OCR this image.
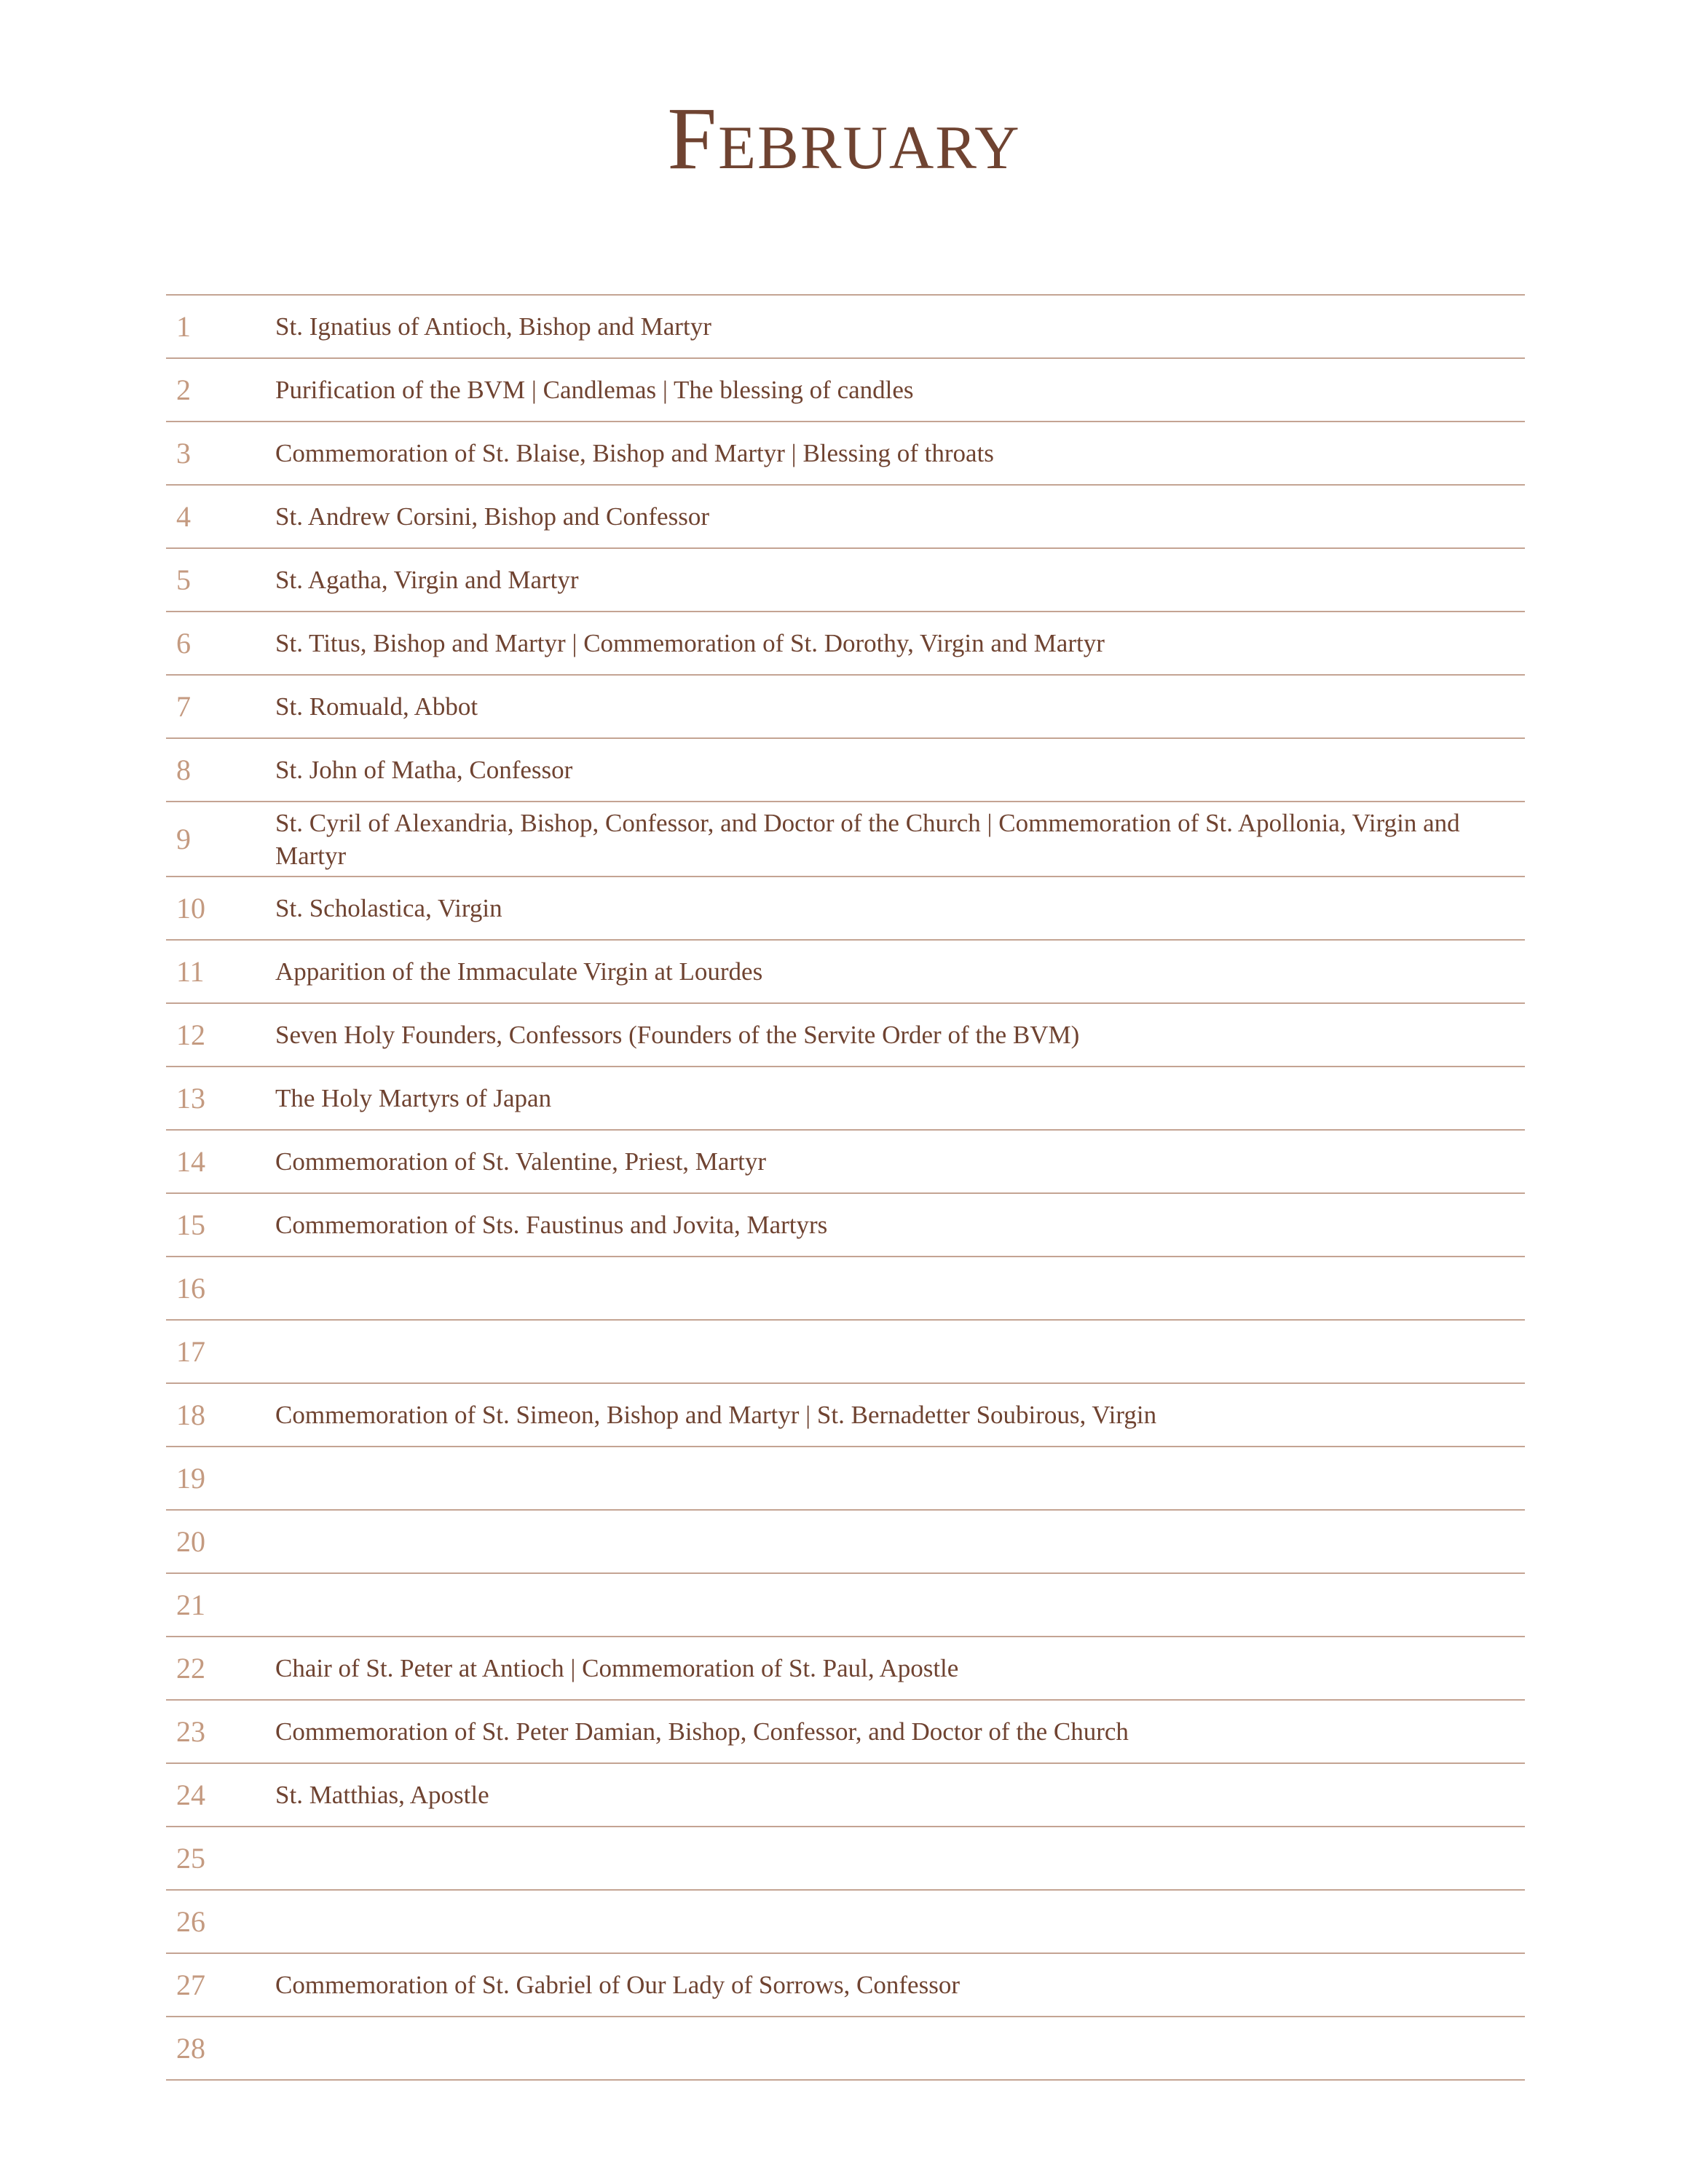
February
1	St. Ignatius of Antioch, Bishop and Martyr
2	Purification of the BVM | Candlemas | The blessing of candles
3	Commemoration of St. Blaise, Bishop and Martyr | Blessing of throats
4	St. Andrew Corsini, Bishop and Confessor
5	St. Agatha, Virgin and Martyr
6	St. Titus, Bishop and Martyr | Commemoration of St. Dorothy, Virgin and Martyr
7	St. Romuald, Abbot
8	St. John of Matha, Confessor
9	St. Cyril of Alexandria, Bishop, Confessor, and Doctor of the Church | Commemoration of St. Apollonia, Virgin and Martyr
10	St. Scholastica, Virgin
11	Apparition of the Immaculate Virgin at Lourdes
12	Seven Holy Founders, Confessors (Founders of the Servite Order of the BVM)
13	The Holy Martyrs of Japan
14	Commemoration of St. Valentine, Priest, Martyr
15	Commemoration of Sts. Faustinus and Jovita, Martyrs
16
17
18	Commemoration of St. Simeon, Bishop and Martyr | St. Bernadetter Soubirous, Virgin
19
20
21
22	Chair of St. Peter at Antioch | Commemoration of St. Paul, Apostle
23	Commemoration of St. Peter Damian, Bishop, Confessor, and Doctor of the Church
24	St. Matthias, Apostle
25
26
27	Commemoration of St. Gabriel of Our Lady of Sorrows, Confessor
28
